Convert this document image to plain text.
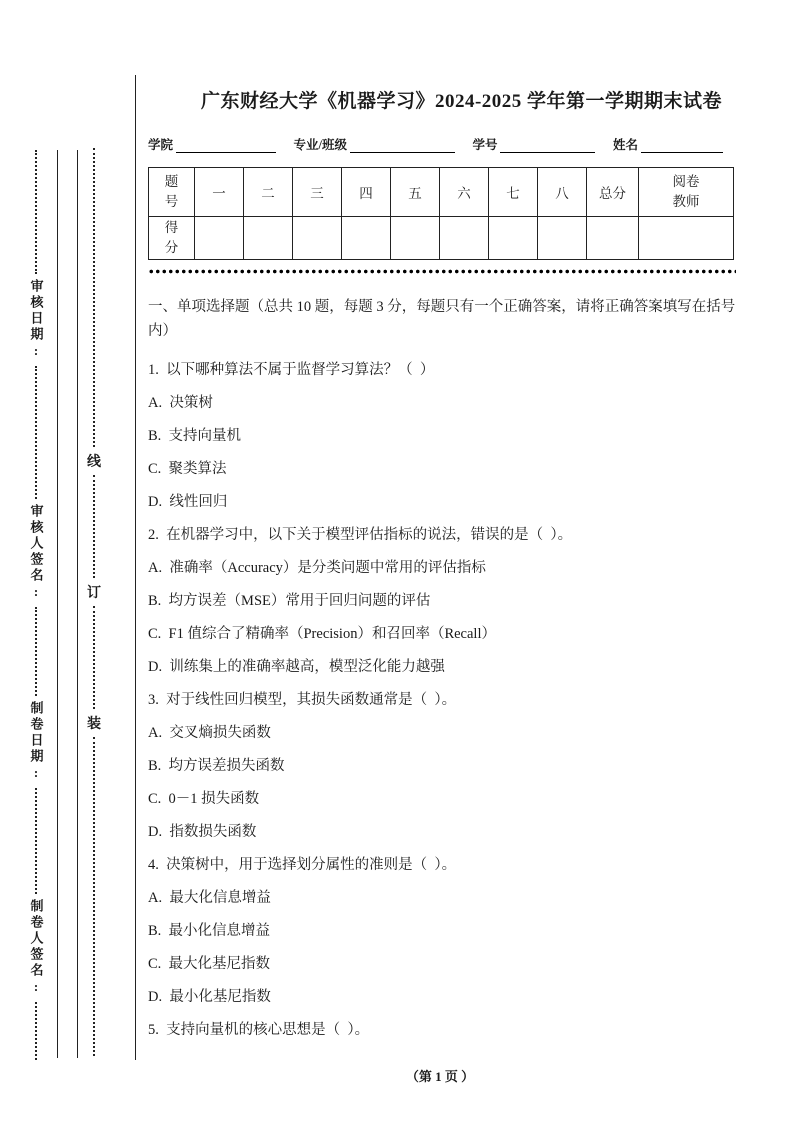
审核日期:
审核人签名:
制卷日期:
制卷人签名:
线
订
装
广东财经大学《机器学习》2024-2025 学年第一学期期末试卷
学院	专业/班级	学号	姓名
题号	一	二	三	四	五	六	七	八	总分	阅卷教师
得分										
一、单项选择题（总共 10 题，每题 3 分，每题只有一个正确答案，请将正确答案填写在括号内）
1.  以下哪种算法不属于监督学习算法？（  ）
A.  决策树
B.  支持向量机
C.  聚类算法
D.  线性回归
2.  在机器学习中，以下关于模型评估指标的说法，错误的是（  ）。
A.  准确率（Accuracy）是分类问题中常用的评估指标
B.  均方误差（MSE）常用于回归问题的评估
C.  F1 值综合了精确率（Precision）和召回率（Recall）
D.  训练集上的准确率越高，模型泛化能力越强
3.  对于线性回归模型，其损失函数通常是（  ）。
A.  交叉熵损失函数
B.  均方误差损失函数
C.  0－1 损失函数
D.  指数损失函数
4.  决策树中，用于选择划分属性的准则是（  ）。
A.  最大化信息增益
B.  最小化信息增益
C.  最大化基尼指数
D.  最小化基尼指数
5.  支持向量机的核心思想是（  ）。
（第 1 页 ）
